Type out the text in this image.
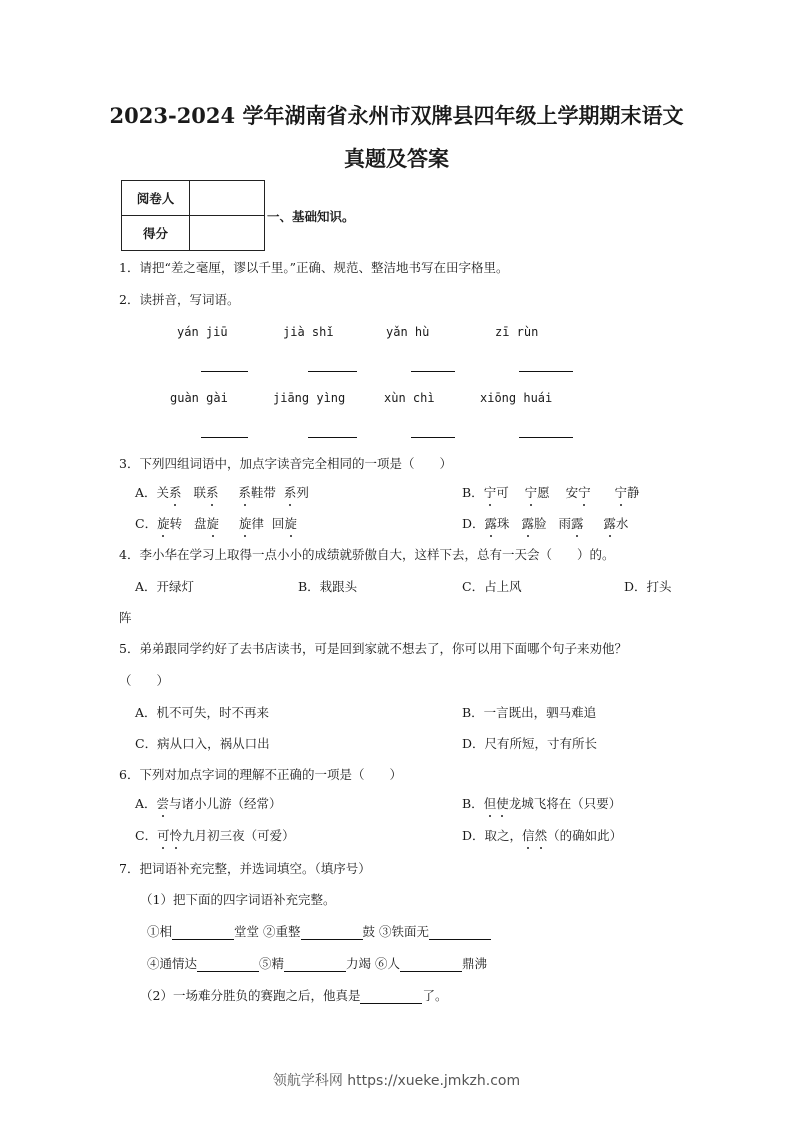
2023-2024 学年湖南省永州市双牌县四年级上学期期末语文
真题及答案
阅卷人	
得分	
一、基础知识。
1．请把“差之毫厘，谬以千里。”正确、规范、整洁地书写在田字格里。
2．读拼音，写词语。
yán jiū	jià shǐ	yǎn hù	zī rùn
guàn gài	jiāng yìng	xùn chì	xiōng huái
3．下列四组词语中，加点字读音完全相同的一项是（　　）
A．关系 联系 系鞋带 系列	B．宁可 宁愿 安宁 宁静
C．旋转 盘旋 旋律 回旋	D．露珠 露脸 雨露 露水
4．李小华在学习上取得一点小小的成绩就骄傲自大，这样下去，总有一天会（　　）的。
A．开绿灯	B．栽跟头	C．占上风	D．打头
阵
5．弟弟跟同学约好了去书店读书，可是回到家就不想去了，你可以用下面哪个句子来劝他？
（　　）
A．机不可失，时不再来	B．一言既出，驷马难追
C．病从口入，祸从口出	D．尺有所短，寸有所长
6．下列对加点字词的理解不正确的一项是（　　）
A．尝与诸小儿游（经常）	B．但使龙城飞将在（只要）
C．可怜九月初三夜（可爱）	D．取之，信然（的确如此）
7．把词语补充完整，并选词填空。（填序号）
（1）把下面的四字词语补充完整。
①相	堂堂 ②重整	鼓 ③铁面无
④通情达	⑤精	力竭 ⑥人	鼎沸
（2）一场难分胜负的赛跑之后，他真是	了。
领航学科网 https://xueke.jmkzh.com
